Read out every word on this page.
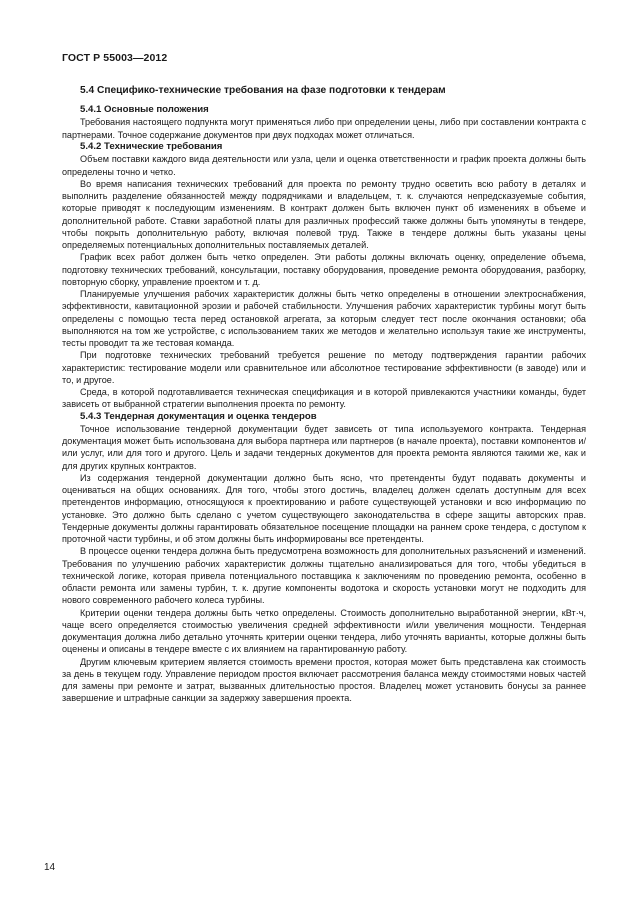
ГОСТ Р 55003—2012
5.4 Специфико-технические требования на фазе подготовки к тендерам
5.4.1 Основные положения

Требования настоящего подпункта могут применяться либо при определении цены, либо при составлении контракта с партнерами. Точное содержание документов при двух подходах может отличаться.

5.4.2 Технические требования

Объем поставки каждого вида деятельности или узла, цели и оценка ответственности и график проекта должны быть определены точно и четко.

Во время написания технических требований для проекта по ремонту трудно осветить всю работу в деталях и выполнить разделение обязанностей между подрядчиками и владельцем, т. к. случаются непредсказуемые события, которые приводят к последующим изменениям. В контракт должен быть включен пункт об изменениях в объеме и дополнительной работе. Ставки заработной платы для различных профессий также должны быть упомянуты в тендере, чтобы покрыть дополнительную работу, включая полевой труд. Также в тендере должны быть указаны цены определяемых потенциальных дополнительных поставляемых деталей.

График всех работ должен быть четко определен. Эти работы должны включать оценку, определение объема, подготовку технических требований, консультации, поставку оборудования, проведение ремонта оборудования, разборку, повторную сборку, управление проектом и т. д.

Планируемые улучшения рабочих характеристик должны быть четко определены в отношении электроснабжения, эффективности, кавитационной эрозии и рабочей стабильности. Улучшения рабочих характеристик турбины могут быть определены с помощью теста перед остановкой агрегата, за которым следует тест после окончания остановки; оба выполняются на том же устройстве, с использованием таких же методов и желательно используя такие же инструменты, тесты проводит та же тестовая команда.

При подготовке технических требований требуется решение по методу подтверждения гарантии рабочих характеристик: тестирование модели или сравнительное или абсолютное тестирование эффективности (в заводе) или и то, и другое.

Среда, в которой подготавливается техническая спецификация и в которой привлекаются участники команды, будет зависеть от выбранной стратегии выполнения проекта по ремонту.

5.4.3 Тендерная документация и оценка тендеров

Точное использование тендерной документации будет зависеть от типа используемого контракта. Тендерная документация может быть использована для выбора партнера или партнеров (в начале проекта), поставки компонентов и/или услуг, или для того и другого. Цель и задачи тендерных документов для проекта ремонта являются такими же, как и для других крупных контрактов.

Из содержания тендерной документации должно быть ясно, что претенденты будут подавать документы и оцениваться на общих основаниях. Для того, чтобы этого достичь, владелец должен сделать доступным для всех претендентов информацию, относящуюся к проектированию и работе существующей установки и всю информацию по установке. Это должно быть сделано с учетом существующего законодательства в сфере защиты авторских прав. Тендерные документы должны гарантировать обязательное посещение площадки на раннем сроке тендера, с доступом к проточной части турбины, и об этом должны быть информированы все претенденты.

В процессе оценки тендера должна быть предусмотрена возможность для дополнительных разъяснений и изменений. Требования по улучшению рабочих характеристик должны тщательно анализироваться для того, чтобы убедиться в технической логике, которая привела потенциального поставщика к заключениям по проведению ремонта, особенно в области ремонта или замены турбин, т. к. другие компоненты водотока и скорость установки могут не подходить для нового современного рабочего колеса турбины.

Критерии оценки тендера должны быть четко определены. Стоимость дополнительно выработанной энергии, кВт·ч, чаще всего определяется стоимостью увеличения средней эффективности и/или увеличения мощности. Тендерная документация должна либо детально уточнять критерии оценки тендера, либо уточнять варианты, которые должны быть оценены и описаны в тендере вместе с их влиянием на гарантированную работу.

Другим ключевым критерием является стоимость времени простоя, которая может быть представлена как стоимость за день в текущем году. Управление периодом простоя включает рассмотрения баланса между стоимостями новых частей для замены при ремонте и затрат, вызванных длительностью простоя. Владелец может установить бонусы за раннее завершение и штрафные санкции за задержку завершения проекта.

14
